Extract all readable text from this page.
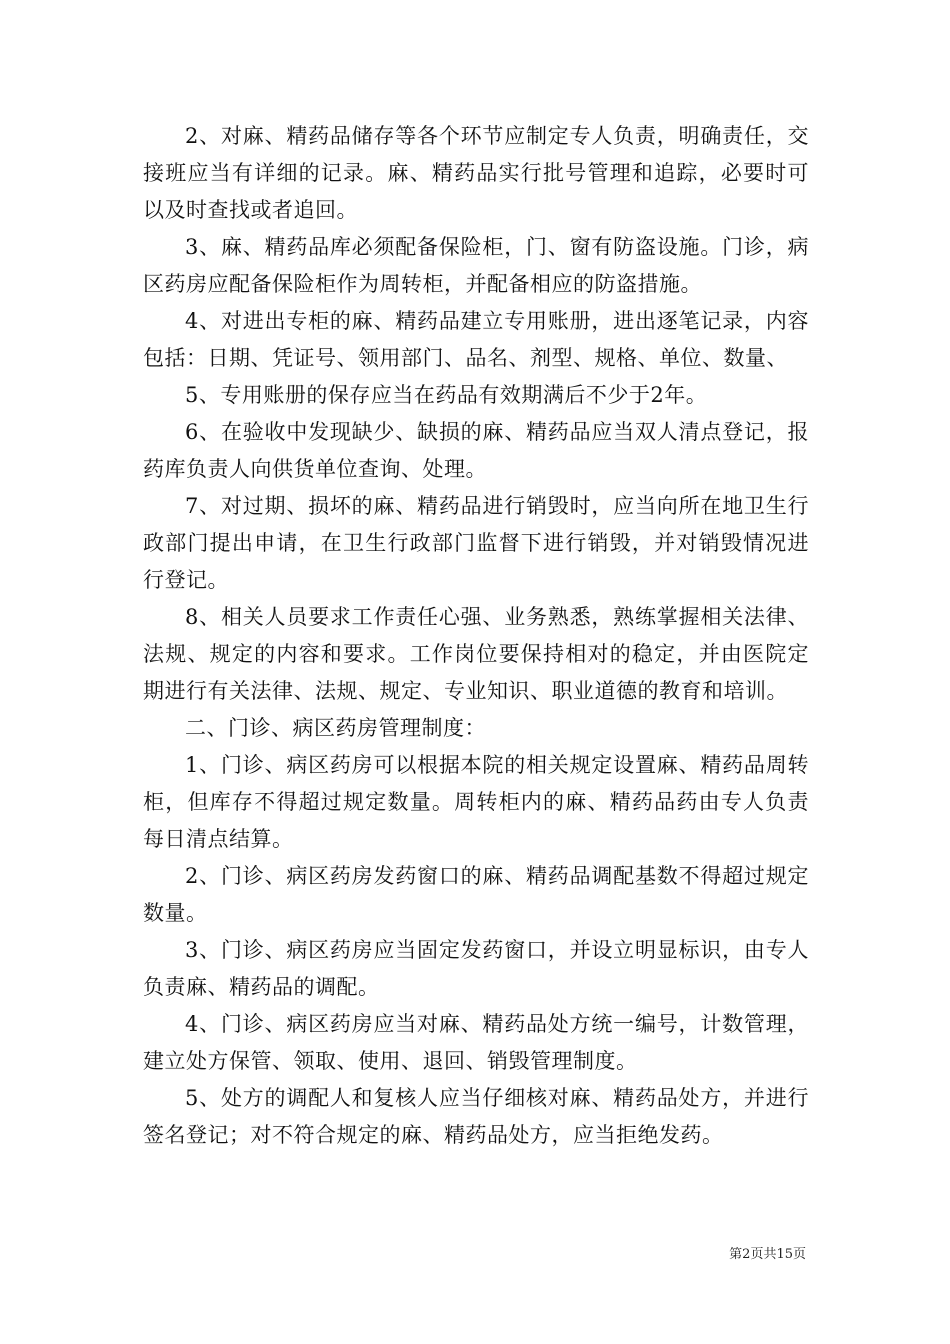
2、对麻、精药品储存等各个环节应制定专人负责，明确责任，交接班应当有详细的记录。麻、精药品实行批号管理和追踪，必要时可以及时查找或者追回。

3、麻、精药品库必须配备保险柜，门、窗有防盗设施。门诊，病区药房应配备保险柜作为周转柜，并配备相应的防盗措施。

4、对进出专柜的麻、精药品建立专用账册，进出逐笔记录，内容包括：日期、凭证号、领用部门、品名、剂型、规格、单位、数量、

5、专用账册的保存应当在药品有效期满后不少于2年。

6、在验收中发现缺少、缺损的麻、精药品应当双人清点登记，报药库负责人向供货单位查询、处理。

7、对过期、损坏的麻、精药品进行销毁时，应当向所在地卫生行政部门提出申请，在卫生行政部门监督下进行销毁，并对销毁情况进行登记。

8、相关人员要求工作责任心强、业务熟悉，熟练掌握相关法律、法规、规定的内容和要求。工作岗位要保持相对的稳定，并由医院定期进行有关法律、法规、规定、专业知识、职业道德的教育和培训。

二、门诊、病区药房管理制度：

1、门诊、病区药房可以根据本院的相关规定设置麻、精药品周转柜，但库存不得超过规定数量。周转柜内的麻、精药品药由专人负责每日清点结算。

2、门诊、病区药房发药窗口的麻、精药品调配基数不得超过规定数量。

3、门诊、病区药房应当固定发药窗口，并设立明显标识，由专人负责麻、精药品的调配。

4、门诊、病区药房应当对麻、精药品处方统一编号，计数管理，建立处方保管、领取、使用、退回、销毁管理制度。

5、处方的调配人和复核人应当仔细核对麻、精药品处方，并进行签名登记；对不符合规定的麻、精药品处方，应当拒绝发药。

第2页共15页
